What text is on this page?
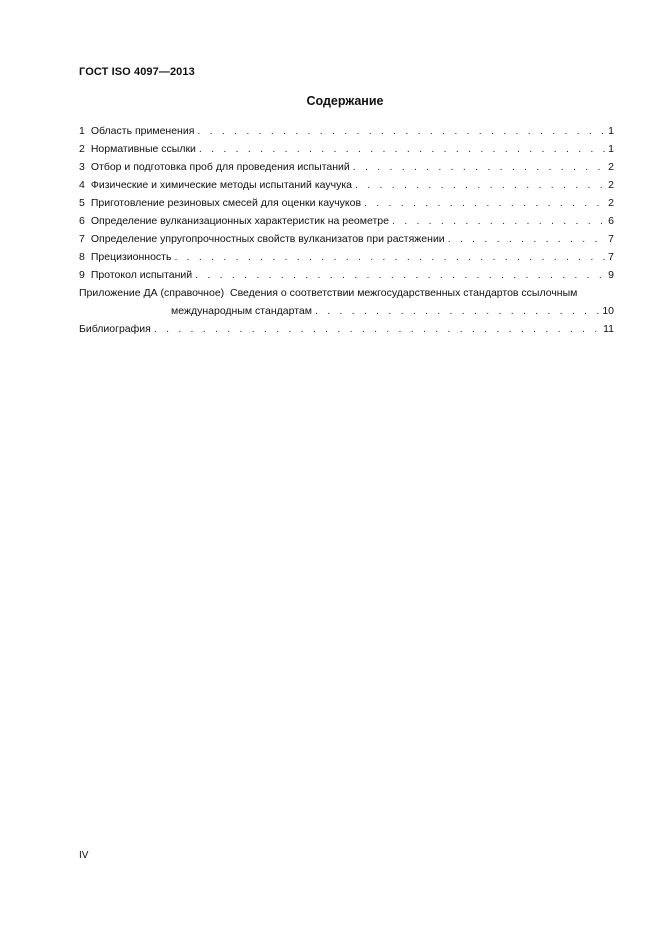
ГОСТ ISO 4097—2013
Содержание
1 Область применения . . .	1
2 Нормативные ссылки . . .	1
3 Отбор и подготовка проб для проведения испытаний . . .	2
4 Физические и химические методы испытаний каучука . . .	2
5 Приготовление резиновых смесей для оценки каучуков . . .	2
6 Определение вулканизационных характеристик на реометре . . .	6
7 Определение упругопрочностных свойств вулканизатов при растяжении . . .	7
8 Прецизионность . . .	7
9 Протокол испытаний . . .	9
Приложение ДА (справочное) Сведения о соответствии межгосударственных стандартов ссылочным
международным стандартам . . .	10
Библиография . . .	11
IV
